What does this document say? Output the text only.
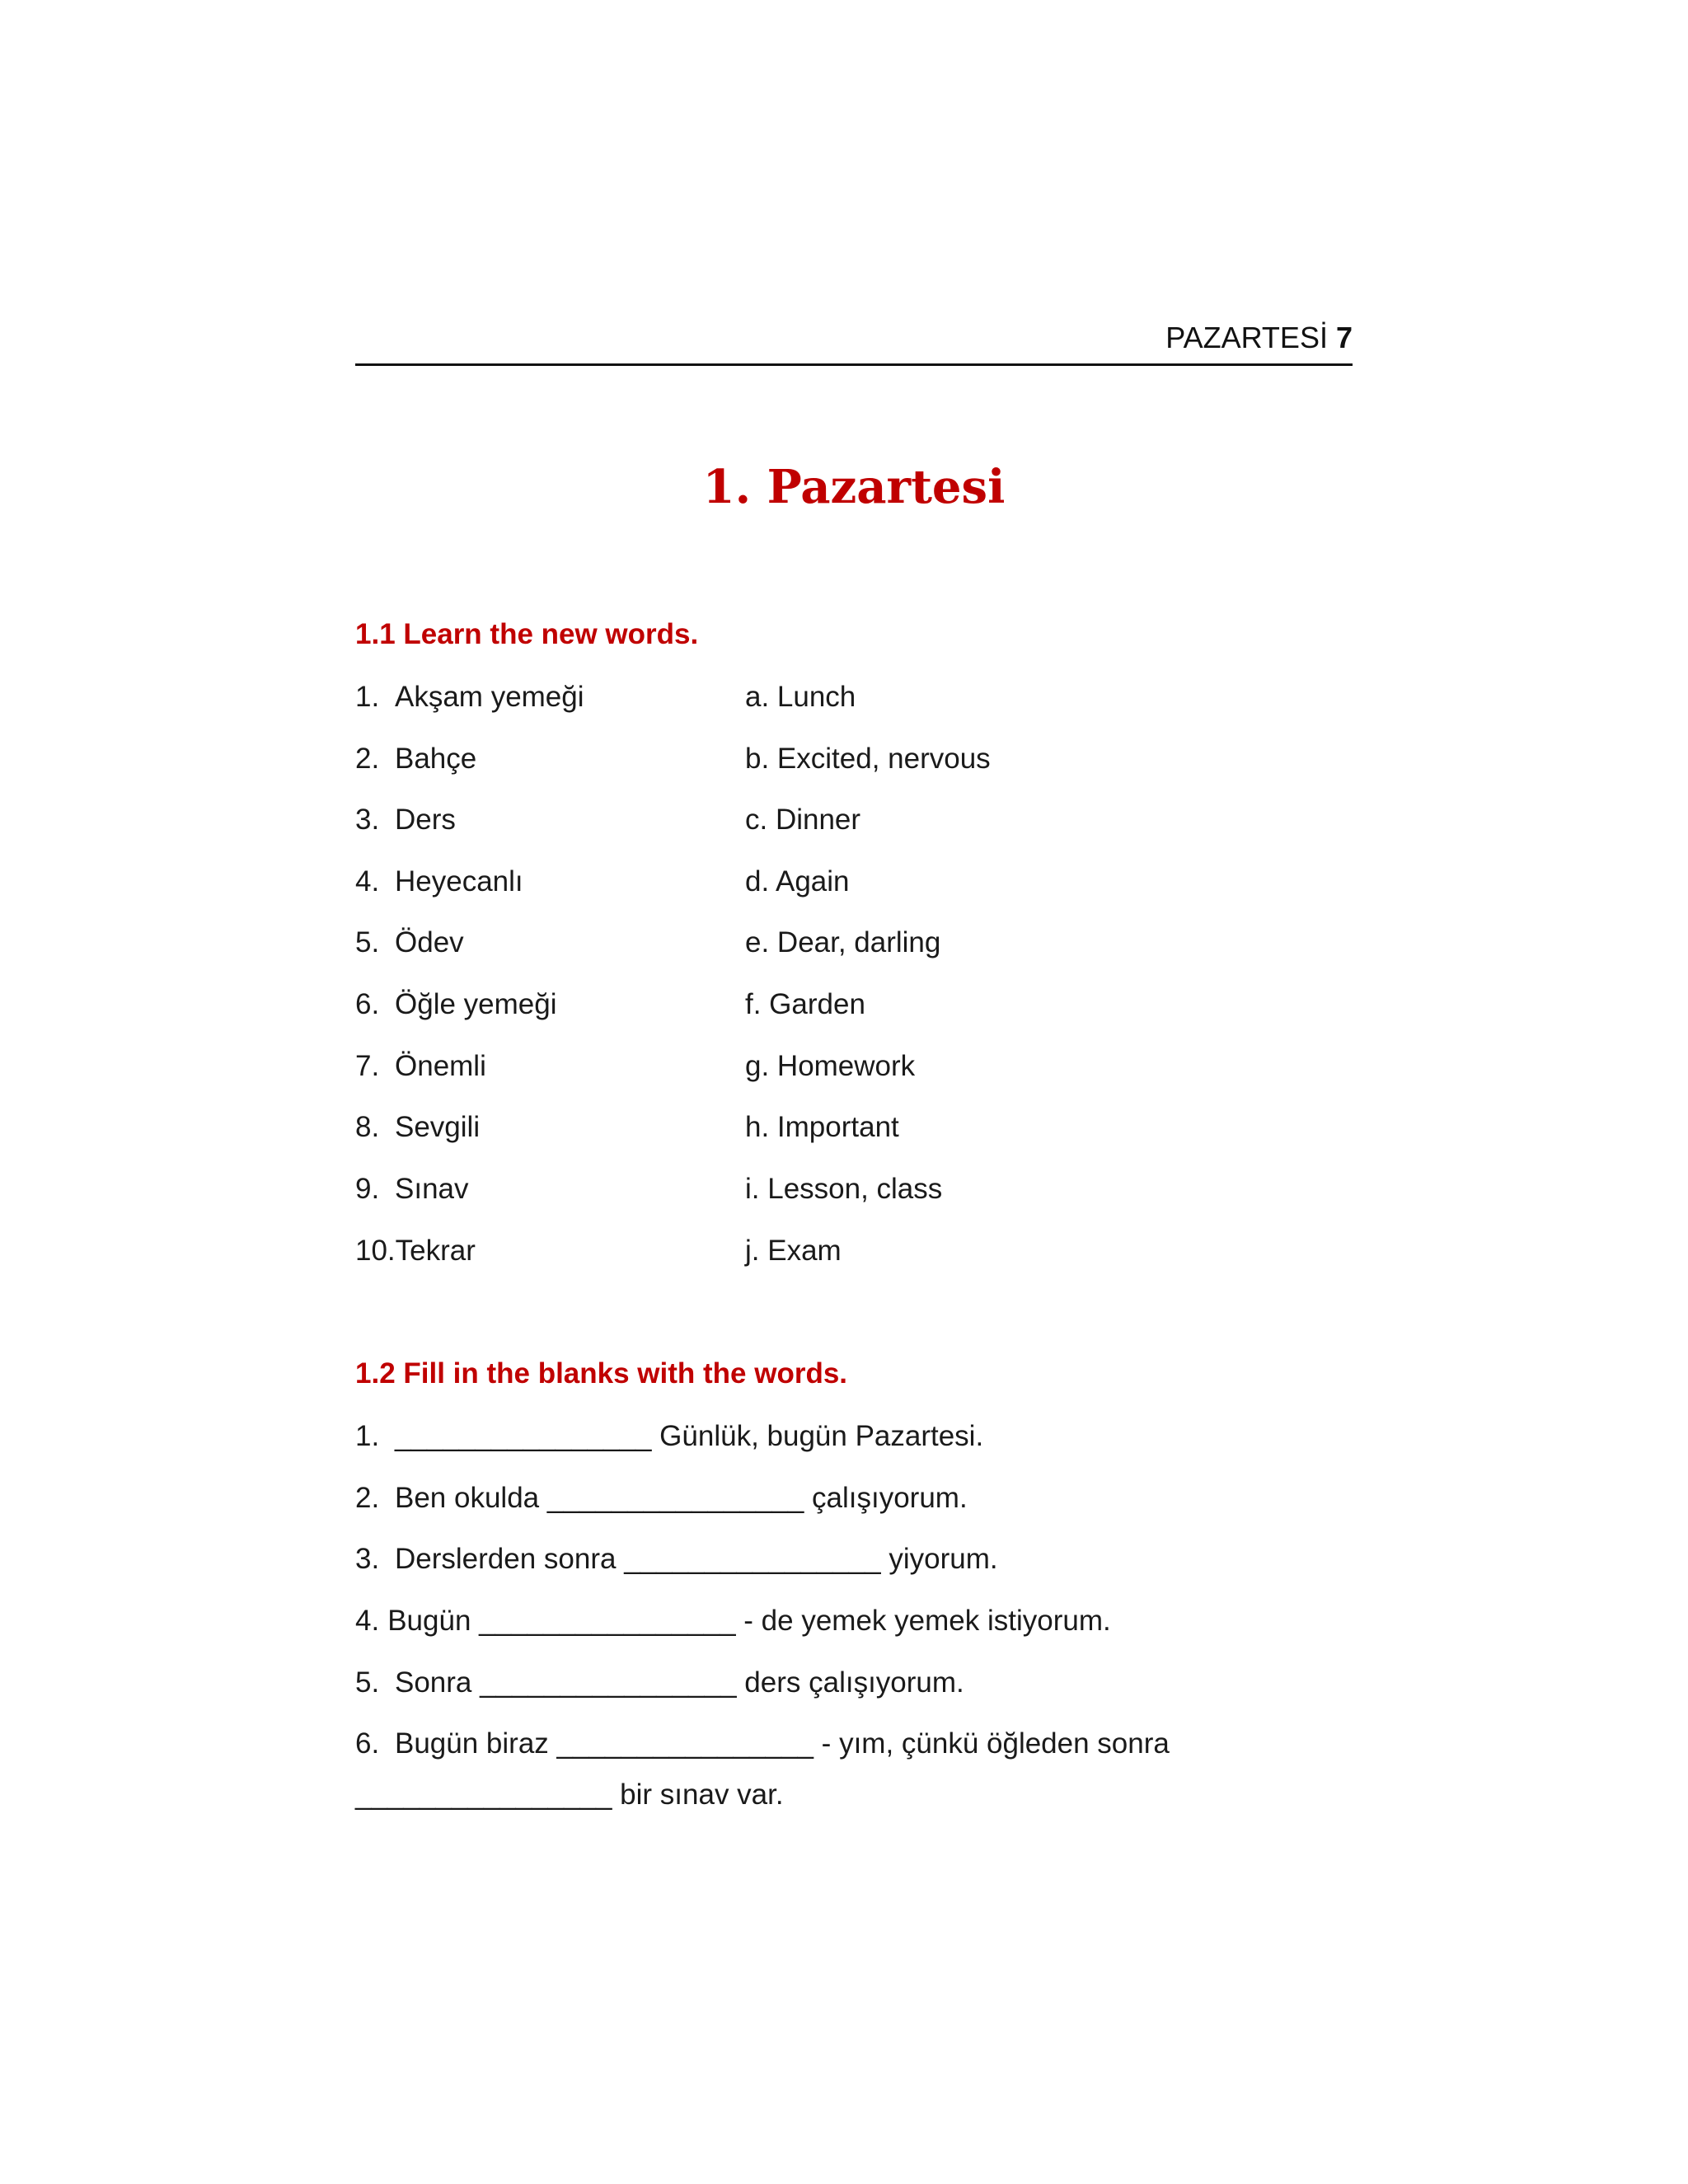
PAZARTESİ 7
1. Pazartesi
1.1 Learn the new words.
1. Akşam yemeği	a. Lunch
2. Bahçe	b. Excited, nervous
3. Ders	c. Dinner
4. Heyecanlı	d. Again
5. Ödev	e. Dear, darling
6. Öğle yemeği	f. Garden
7. Önemli	g. Homework
8. Sevgili	h. Important
9. Sınav	i. Lesson, class
10.Tekrar	j. Exam
1.2 Fill in the blanks with the words.
1. ________________ Günlük, bugün Pazartesi.
2. Ben okulda ________________ çalışıyorum.
3. Derslerden sonra ________________ yiyorum.
4. Bugün ________________ - de yemek yemek istiyorum.
5. Sonra ________________ ders çalışıyorum.
6. Bugün biraz ________________ - yım, çünkü öğleden sonra
________________ bir sınav var.
